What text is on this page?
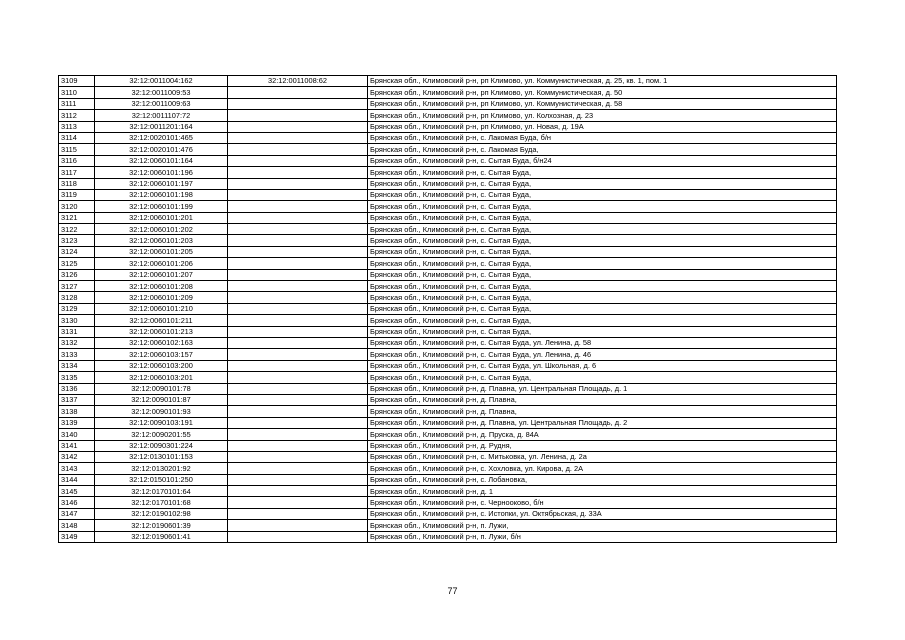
3109	32:12:0011004:162	32:12:0011008:62	Брянская обл., Климовский р-н, рп Климово, ул. Коммунистическая, д. 25, кв. 1, пом. 1
3110	32:12:0011009:53		Брянская обл., Климовский р-н, рп Климово, ул. Коммунистическая, д. 50
3111	32:12:0011009:63		Брянская обл., Климовский р-н, рп Климово, ул. Коммунистическая, д. 58
3112	32:12:0011107:72		Брянская обл., Климовский р-н, рп Климово, ул. Колхозная, д. 23
3113	32:12:0011201:164		Брянская обл., Климовский р-н, рп Климово, ул. Новая, д. 19А
3114	32:12:0020101:465		Брянская обл., Климовский р-н, с. Лакомая Буда, б/н
3115	32:12:0020101:476		Брянская обл., Климовский р-н, с. Лакомая Буда,
3116	32:12:0060101:164		Брянская обл., Климовский р-н, с. Сытая Буда, б/н24
3117	32:12:0060101:196		Брянская обл., Климовский р-н, с. Сытая Буда,
3118	32:12:0060101:197		Брянская обл., Климовский р-н, с. Сытая Буда,
3119	32:12:0060101:198		Брянская обл., Климовский р-н, с. Сытая Буда,
3120	32:12:0060101:199		Брянская обл., Климовский р-н, с. Сытая Буда,
3121	32:12:0060101:201		Брянская обл., Климовский р-н, с. Сытая Буда,
3122	32:12:0060101:202		Брянская обл., Климовский р-н, с. Сытая Буда,
3123	32:12:0060101:203		Брянская обл., Климовский р-н, с. Сытая Буда,
3124	32:12:0060101:205		Брянская обл., Климовский р-н, с. Сытая Буда,
3125	32:12:0060101:206		Брянская обл., Климовский р-н, с. Сытая Буда,
3126	32:12:0060101:207		Брянская обл., Климовский р-н, с. Сытая Буда,
3127	32:12:0060101:208		Брянская обл., Климовский р-н, с. Сытая Буда,
3128	32:12:0060101:209		Брянская обл., Климовский р-н, с. Сытая Буда,
3129	32:12:0060101:210		Брянская обл., Климовский р-н, с. Сытая Буда,
3130	32:12:0060101:211		Брянская обл., Климовский р-н, с. Сытая Буда,
3131	32:12:0060101:213		Брянская обл., Климовский р-н, с. Сытая Буда,
3132	32:12:0060102:163		Брянская обл., Климовский р-н, с. Сытая Буда, ул. Ленина, д. 58
3133	32:12:0060103:157		Брянская обл., Климовский р-н, с. Сытая Буда, ул. Ленина, д. 46
3134	32:12:0060103:200		Брянская обл., Климовский р-н, с. Сытая Буда, ул. Школьная, д. 6
3135	32:12:0060103:201		Брянская обл., Климовский р-н, с. Сытая Буда,
3136	32:12:0090101:78		Брянская обл., Климовский р-н, д. Плавна, ул. Центральная Площадь, д. 1
3137	32:12:0090101:87		Брянская обл., Климовский р-н, д. Плавна,
3138	32:12:0090101:93		Брянская обл., Климовский р-н, д. Плавна,
3139	32:12:0090103:191		Брянская обл., Климовский р-н, д. Плавна, ул. Центральная Площадь, д. 2
3140	32:12:0090201:55		Брянская обл., Климовский р-н, д. Пруска, д. 84А
3141	32:12:0090301:224		Брянская обл., Климовский р-н, д. Рудня,
3142	32:12:0130101:153		Брянская обл., Климовский р-н, с. Митьковка, ул. Ленина, д. 2а
3143	32:12:0130201:92		Брянская обл., Климовский р-н, с. Хохловка, ул. Кирова, д. 2А
3144	32:12:0150101:250		Брянская обл., Климовский р-н, с. Лобановка,
3145	32:12:0170101:64		Брянская обл., Климовский р-н, д. 1
3146	32:12:0170101:68		Брянская обл., Климовский р-н, с. Чернооково, б/н
3147	32:12:0190102:98		Брянская обл., Климовский р-н, с. Истопки, ул. Октябрьская, д. 33А
3148	32:12:0190601:39		Брянская обл., Климовский р-н, п. Лужи,
3149	32:12:0190601:41		Брянская обл., Климовский р-н, п. Лужи, б/н
77
